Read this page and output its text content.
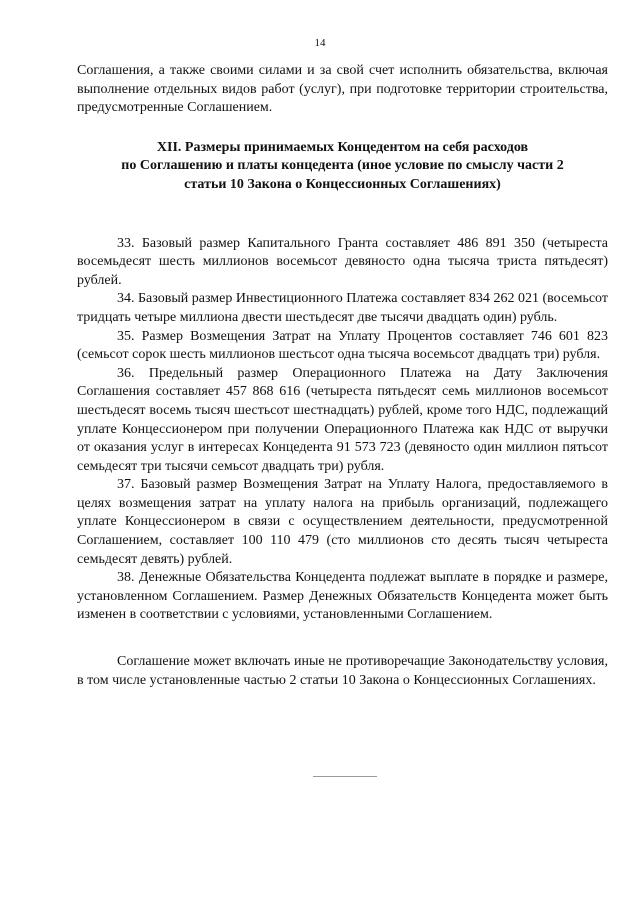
14

Соглашения, а также своими силами и за свой счет исполнить обязательства, включая выполнение отдельных видов работ (услуг), при подготовке территории строительства, предусмотренные Соглашением.

XII. Размеры принимаемых Концедентом на себя расходов
по Соглашению и платы концедента (иное условие по смыслу части 2
статьи 10 Закона о Концессионных Соглашениях)

33. Базовый размер Капитального Гранта составляет 486 891 350 (четыреста восемьдесят шесть миллионов восемьсот девяносто одна тысяча триста пятьдесят) рублей.

34. Базовый размер Инвестиционного Платежа составляет 834 262 021 (восемьсот тридцать четыре миллиона двести шестьдесят две тысячи двадцать один) рубль.

35. Размер Возмещения Затрат на Уплату Процентов составляет 746 601 823 (семьсот сорок шесть миллионов шестьсот одна тысяча восемьсот двадцать три) рубля.

36. Предельный размер Операционного Платежа на Дату Заключения Соглашения составляет 457 868 616 (четыреста пятьдесят семь миллионов восемьсот шестьдесят восемь тысяч шестьсот шестнадцать) рублей, кроме того НДС, подлежащий уплате Концессионером при получении Операционного Платежа как НДС от выручки от оказания услуг в интересах Концедента 91 573 723 (девяносто один миллион пятьсот семьдесят три тысячи семьсот двадцать три) рубля.

37. Базовый размер Возмещения Затрат на Уплату Налога, предоставляемого в целях возмещения затрат на уплату налога на прибыль организаций, подлежащего уплате Концессионером в связи с осуществлением деятельности, предусмотренной Соглашением, составляет 100 110 479 (сто миллионов сто десять тысяч четыреста семьдесят девять) рублей.

38. Денежные Обязательства Концедента подлежат выплате в порядке и размере, установленном Соглашением. Размер Денежных Обязательств Концедента может быть изменен в соответствии с условиями, установленными Соглашением.

Соглашение может включать иные не противоречащие Законодательству условия, в том числе установленные частью 2 статьи 10 Закона о Концессионных Соглашениях.
